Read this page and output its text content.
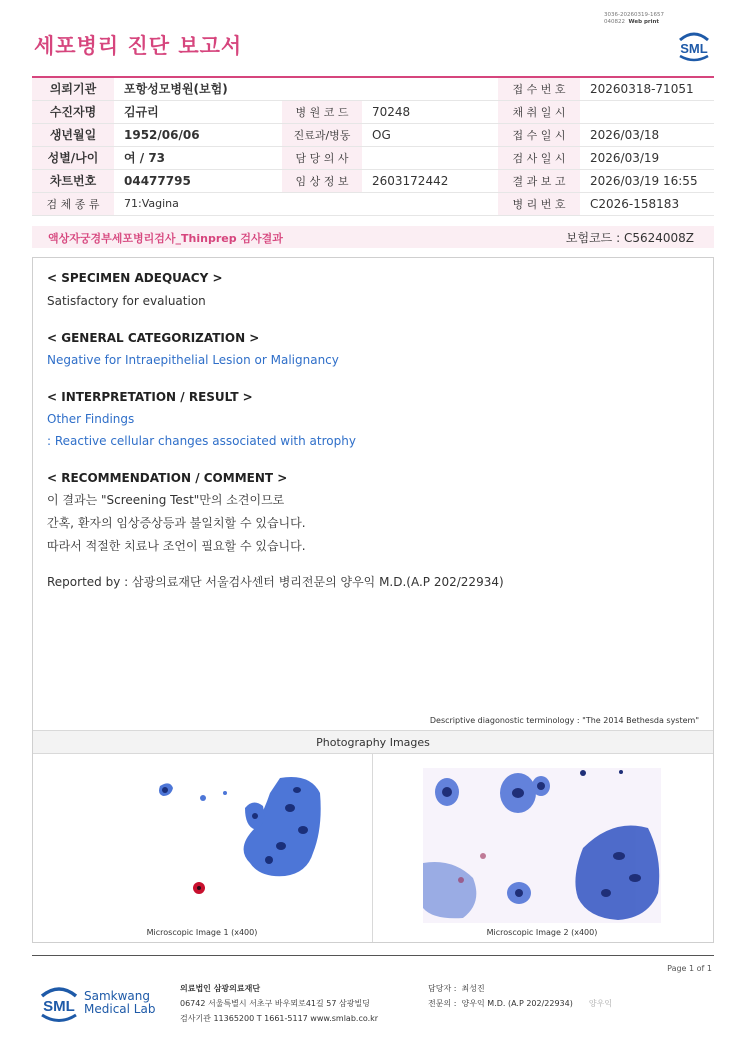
3036-20260319-1657
040822 Web print
세포병리 진단 보고서	SML
의뢰기관	포항성모병원(보험)			접 수 번 호	20260318-71051
수진자명	김규리	병 원 코 드	70248	채 취 일 시	
생년월일	1952/06/06	진료과/병동	OG	접 수 일 시	2026/03/18
성별/나이	여 / 73	담 당 의 사		검 사 일 시	2026/03/19
차트번호	04477795	임 상 정 보	2603172442	결 과 보 고	2026/03/19 16:55
검 체 종 류	71:Vagina			병 리 번 호	C2026-158183
액상자궁경부세포병리검사_Thinprep 검사결과	보험코드 : C5624008Z
< SPECIMEN ADEQUACY >
Satisfactory for evaluation
< GENERAL CATEGORIZATION >
Negative for Intraepithelial Lesion or Malignancy
< INTERPRETATION / RESULT >
Other Findings
: Reactive cellular changes associated with atrophy
< RECOMMENDATION / COMMENT >
이 결과는 "Screening Test"만의 소견이므로
간혹, 환자의 임상증상등과 불일치할 수 있습니다.
따라서 적절한 치료나 조언이 필요할 수 있습니다.
Reported by : 삼광의료재단 서울검사센터 병리전문의 양우익 M.D.(A.P 202/22934)
Descriptive diagonostic terminology : "The 2014 Bethesda system"
Photography Images
Microscopic Image 1 (x400)	Microscopic Image 2 (x400)
Page 1 of 1
SML
Samkwang
Medical Lab
의료법인 삼광의료재단
06742 서울특별시 서초구 바우뫼로41길 57 삼광빌딩
검사기관 11365200 T 1661-5117 www.smlab.co.kr
담당자 : 최성진
전문의 : 양우익 M.D. (A.P 202/22934) 양우익
